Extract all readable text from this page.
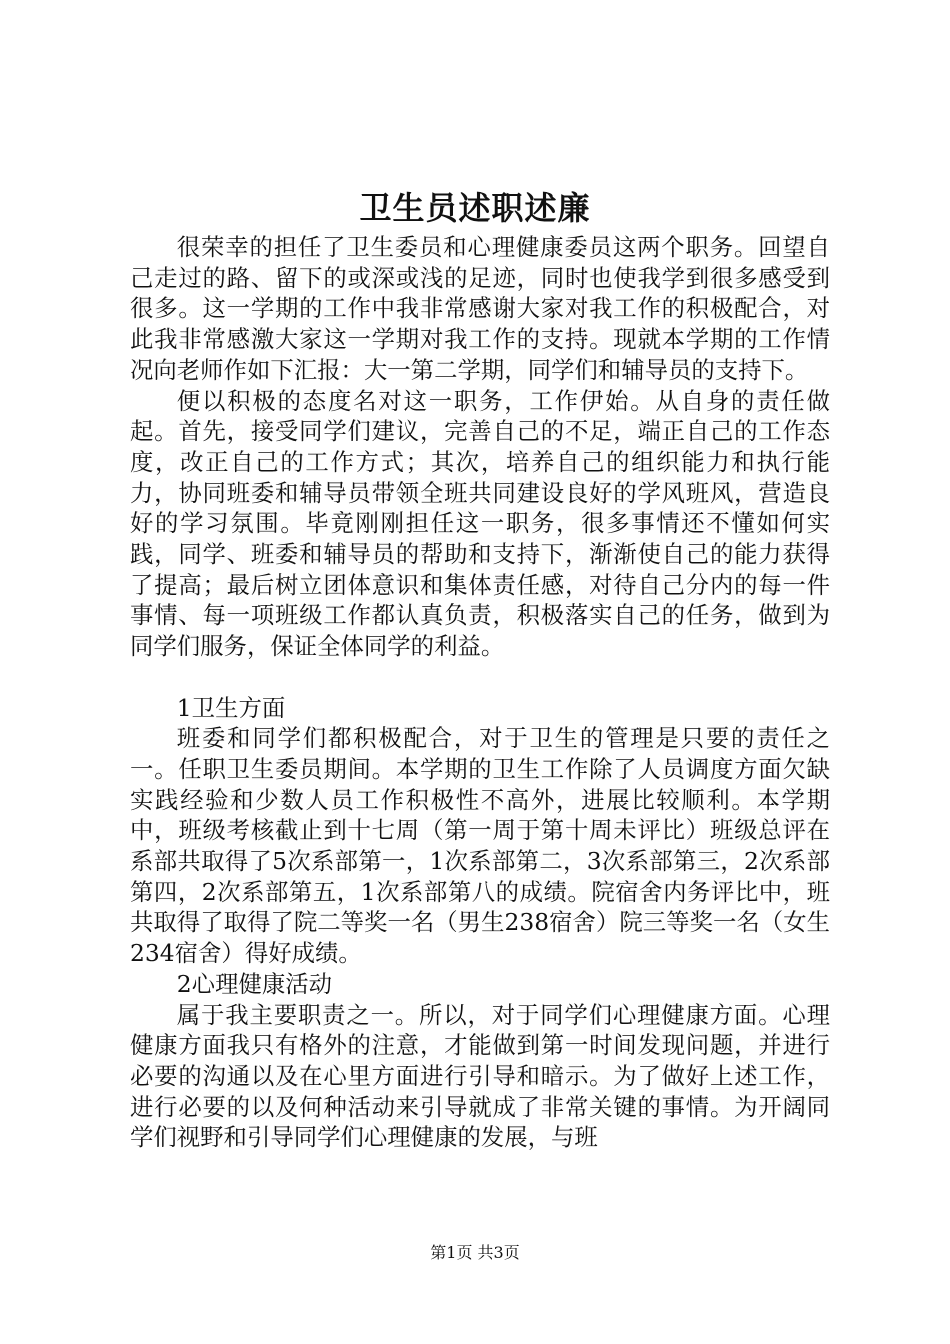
卫生员述职述廉

很荣幸的担任了卫生委员和心理健康委员这两个职务。回望自己走过的路、留下的或深或浅的足迹，同时也使我学到很多感受到很多。这一学期的工作中我非常感谢大家对我工作的积极配合，对此我非常感激大家这一学期对我工作的支持。现就本学期的工作情况向老师作如下汇报：大一第二学期，同学们和辅导员的支持下。

便以积极的态度名对这一职务，工作伊始。从自身的责任做起。首先，接受同学们建议，完善自己的不足，端正自己的工作态度，改正自己的工作方式；其次，培养自己的组织能力和执行能力，协同班委和辅导员带领全班共同建设良好的学风班风，营造良好的学习氛围。毕竟刚刚担任这一职务，很多事情还不懂如何实践，同学、班委和辅导员的帮助和支持下，渐渐使自己的能力获得了提高；最后树立团体意识和集体责任感，对待自己分内的每一件事情、每一项班级工作都认真负责，积极落实自己的任务，做到为同学们服务，保证全体同学的利益。

1卫生方面

班委和同学们都积极配合，对于卫生的管理是只要的责任之一。任职卫生委员期间。本学期的卫生工作除了人员调度方面欠缺实践经验和少数人员工作积极性不高外，进展比较顺利。本学期中，班级考核截止到十七周（第一周于第十周未评比）班级总评在系部共取得了5次系部第一，1次系部第二，3次系部第三，2次系部第四，2次系部第五，1次系部第八的成绩。院宿舍内务评比中，班共取得了取得了院二等奖一名（男生238宿舍）院三等奖一名（女生234宿舍）得好成绩。

2心理健康活动

属于我主要职责之一。所以，对于同学们心理健康方面。心理健康方面我只有格外的注意，才能做到第一时间发现问题，并进行必要的沟通以及在心里方面进行引导和暗示。为了做好上述工作，进行必要的以及何种活动来引导就成了非常关键的事情。为开阔同学们视野和引导同学们心理健康的发展，与班

第1页 共3页
